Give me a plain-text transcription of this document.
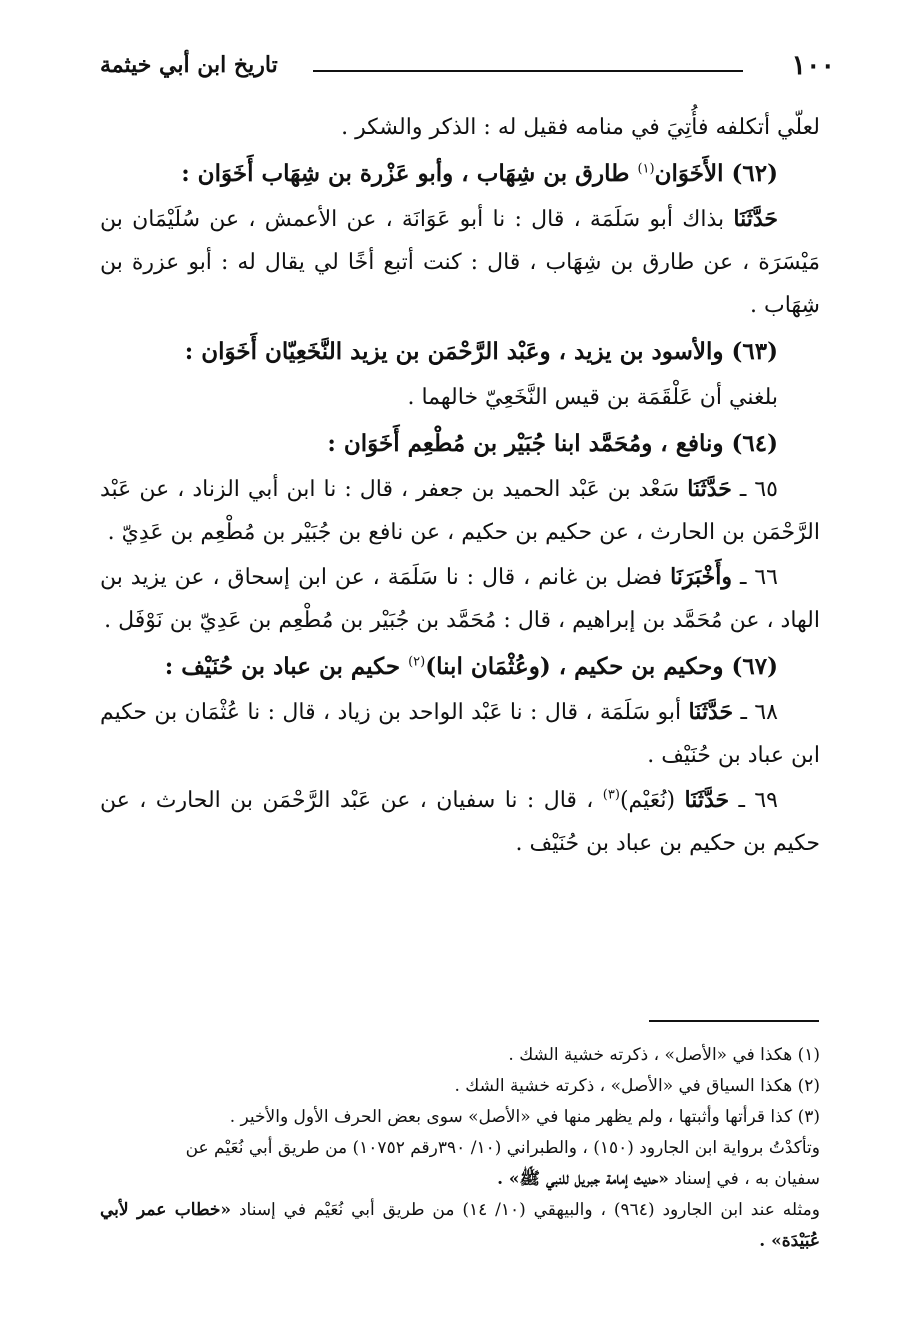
١٠٠
تاريخ ابن أبي خيثمة

لعلّي أتكلفه فأُتِيَ في منامه فقيل له : الذكر والشكر .

(٦٢) الأَخَوَان$^{(١)}$ طارق بن شِهَاب ، وأبو عَزْرة بن شِهَاب أَخَوَان :

حَدَّثَنَا بذاك أبو سَلَمَة ، قال : نا أبو عَوَانَة ، عن الأعمش ، عن سُلَيْمَان بن مَيْسَرَة ، عن طارق بن شِهَاب ، قال : كنت أتبع أخًا لي يقال له : أبو عزرة بن شِهَاب .

(٦٣) والأسود بن يزيد ، وعَبْد الرَّحْمَن بن يزيد النَّخَعِيّان أَخَوَان :

بلغني أن عَلْقَمَة بن قيس النَّخَعِيّ خالهما .

(٦٤) ونافع ، ومُحَمَّد ابنا جُبَيْر بن مُطْعِم أَخَوَان :

٦٥ ـ حَدَّثَنَا سَعْد بن عَبْد الحميد بن جعفر ، قال : نا ابن أبي الزناد ، عن عَبْد الرَّحْمَن بن الحارث ، عن حكيم بن حكيم ، عن نافع بن جُبَيْر بن مُطْعِم بن عَدِيّ .

٦٦ ـ وأَخْبَرَنَا فضل بن غانم ، قال : نا سَلَمَة ، عن ابن إسحاق ، عن يزيد بن الهاد ، عن مُحَمَّد بن إبراهيم ، قال : مُحَمَّد بن جُبَيْر بن مُطْعِم بن عَدِيّ بن نَوْفَل .

(٦٧) وحكيم بن حكيم ، (وعُثْمَان ابنا)$^{(٢)}$ حكيم بن عباد بن حُنَيْف :

٦٨ ـ حَدَّثَنَا أبو سَلَمَة ، قال : نا عَبْد الواحد بن زياد ، قال : نا عُثْمَان بن حكيم ابن عباد بن حُنَيْف .

٦٩ ـ حَدَّثَنَا (نُعَيْم)$^{(٣)}$ ، قال : نا سفيان ، عن عَبْد الرَّحْمَن بن الحارث ، عن حكيم بن حكيم بن عباد بن حُنَيْف .

(١) هكذا في «الأصل» ، ذكرته خشية الشك .

(٢) هكذا السياق في «الأصل» ، ذكرته خشية الشك .

(٣) كذا قرأتها وأثبتها ، ولم يظهر منها في «الأصل» سوى بعض الحرف الأول والأخير .

وتأكدْتُ برواية ابن الجارود (١٥٠) ، والطبراني (١٠/ ٣٩٠رقم ١٠٧٥٢) من طريق أبي نُعَيْم عن

سفيان به ، في إسناد «حديث إمامة جبريل للنبي ﷺ» .

ومثله عند ابن الجارود (٩٦٤) ، والبيهقي (١٠/ ١٤) من طريق أبي نُعَيْم في إسناد «خطاب عمر لأبي عُبَيْدَة» .
